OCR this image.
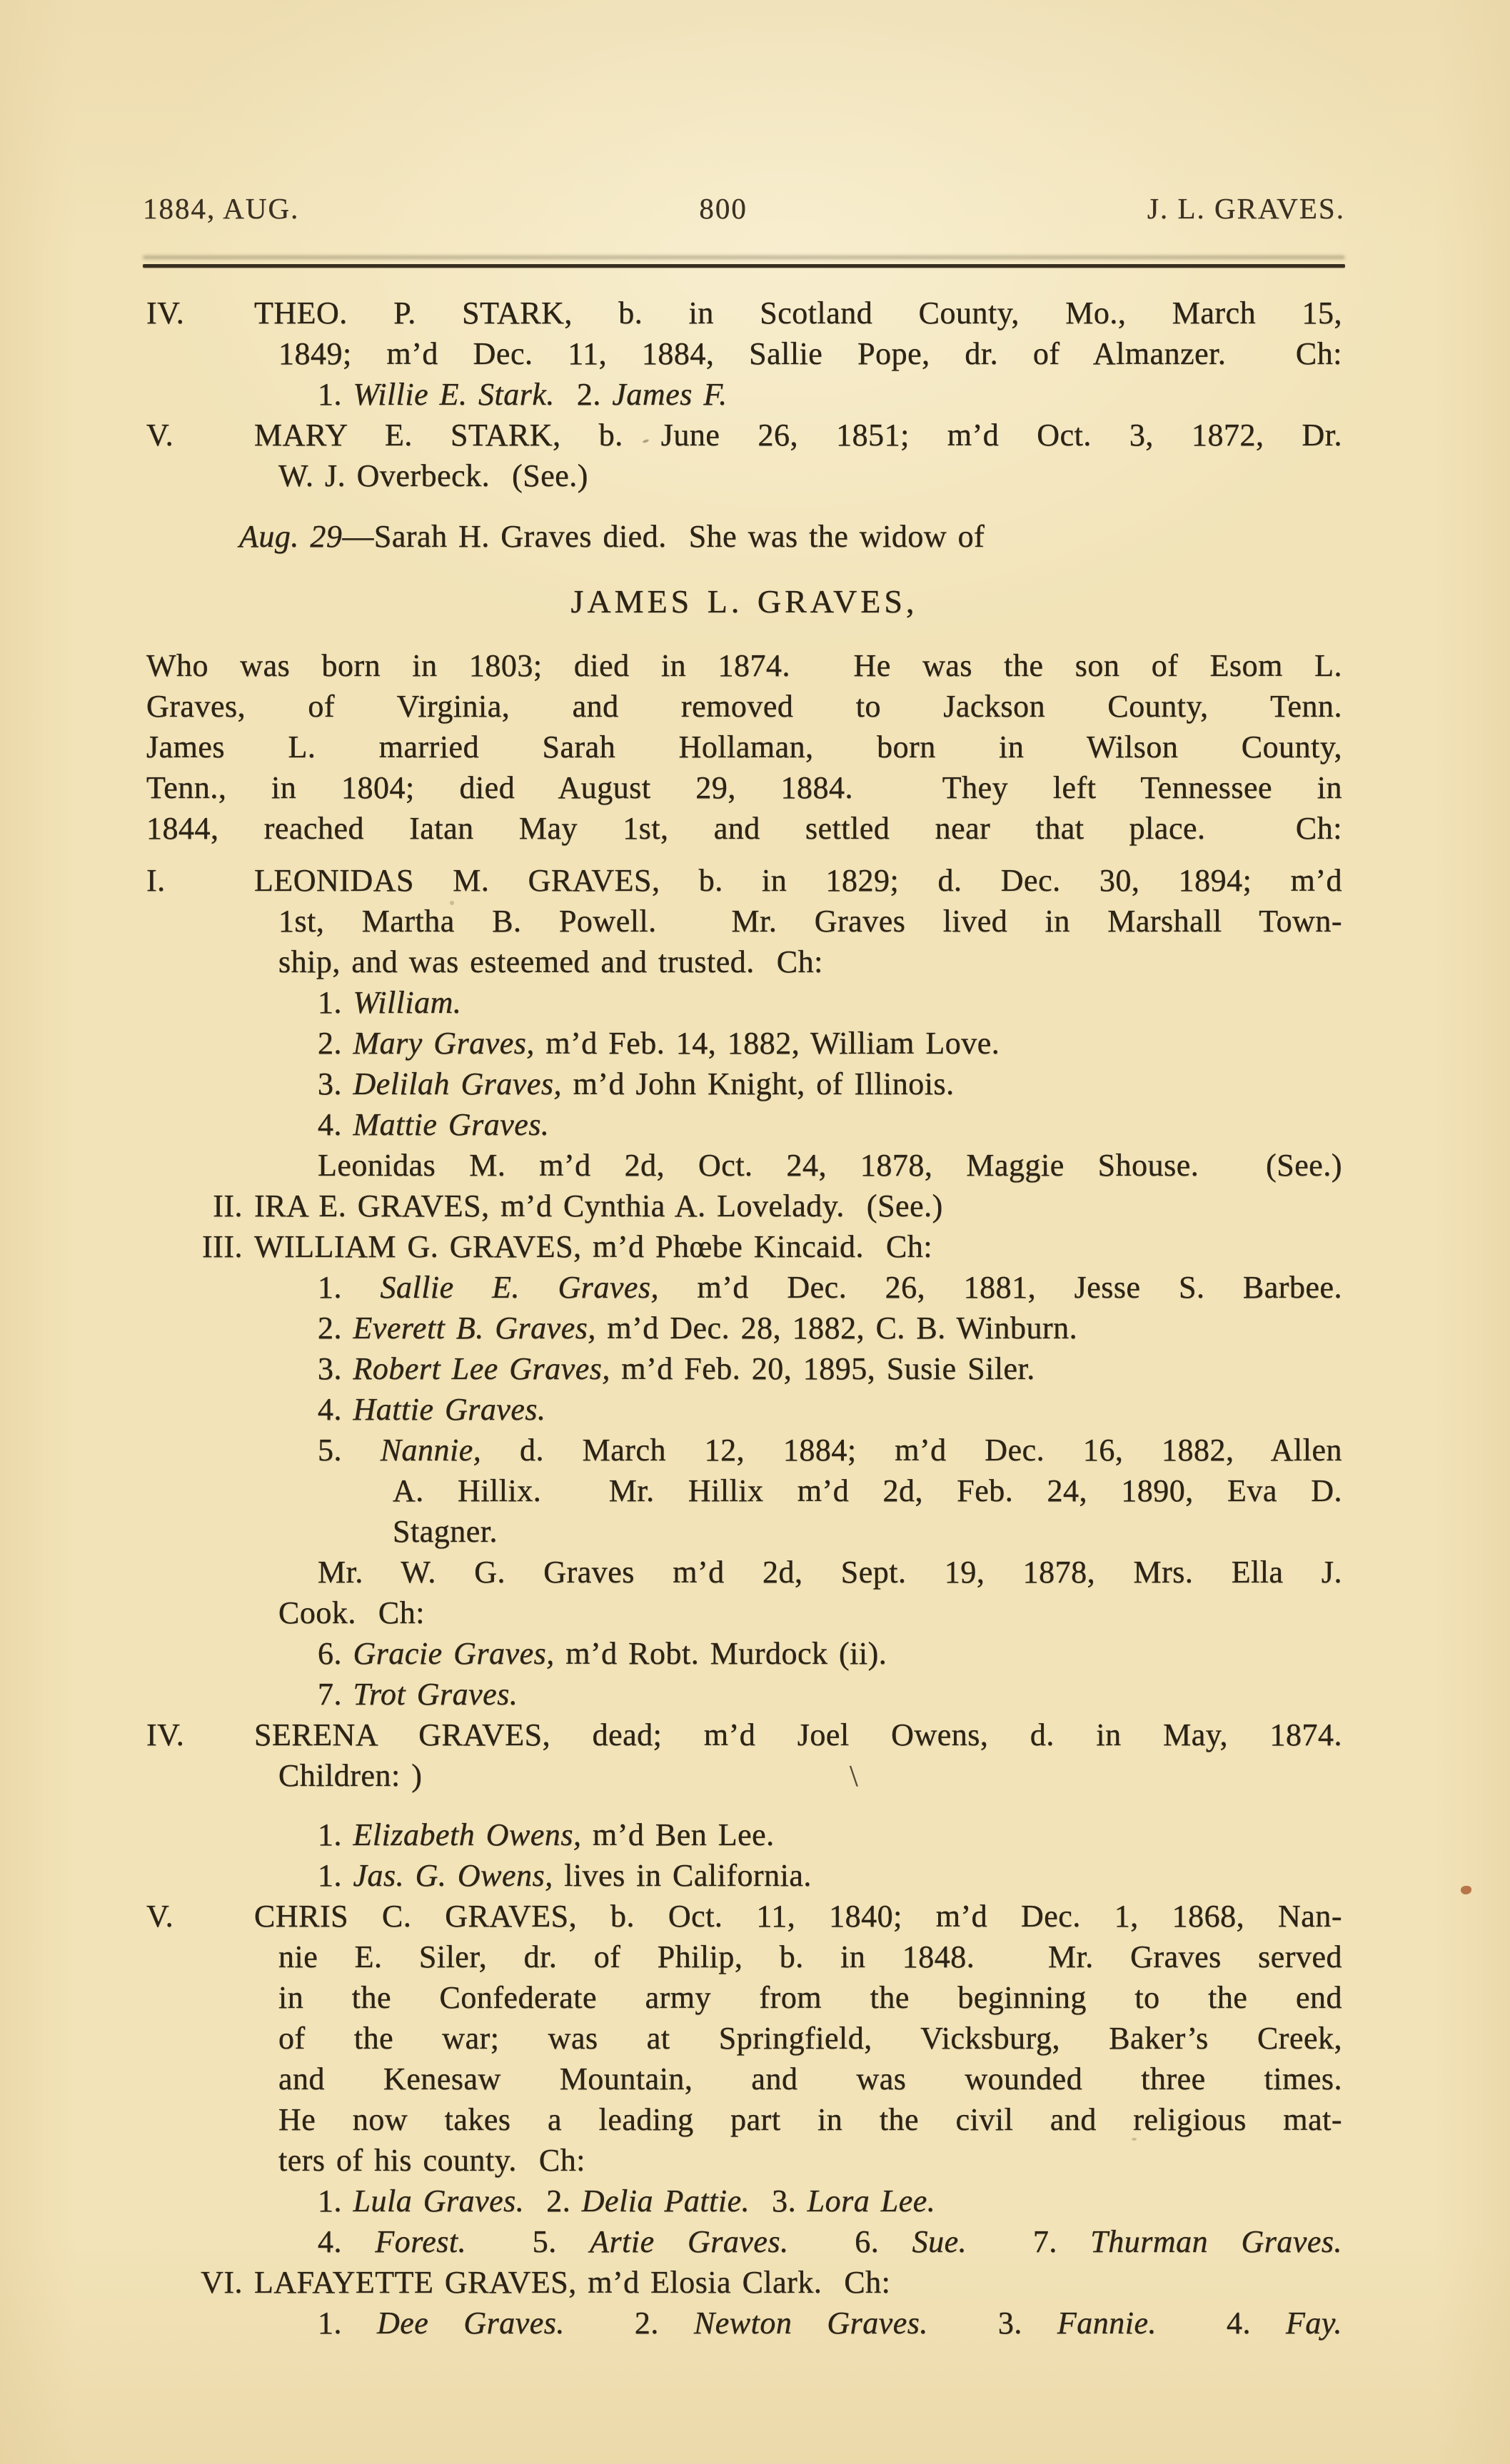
1884, AUG.	800	J. L. GRAVES.
IV. THEO. P. STARK, b. in Scotland County, Mo., March 15,
1849; m’d Dec. 11, 1884, Sallie Pope, dr. of Almanzer.  Ch:
1. Willie E. Stark.  2. James F.
V.	MARY E. STARK, b. June 26, 1851; m’d Oct. 3, 1872, Dr.
W. J. Overbeck.  (See.)
Aug. 29—Sarah H. Graves died.  She was the widow of
JAMES L. GRAVES,
Who was born in 1803; died in 1874.  He was the son of Esom L.
Graves, of Virginia, and removed to Jackson County, Tenn.
James L. married Sarah Hollaman, born in Wilson County,
Tenn., in 1804; died August 29, 1884.  They left Tennessee in
1844, reached Iatan May 1st, and settled near that place.  Ch:
I.	LEONIDAS M. GRAVES, b. in 1829; d. Dec. 30, 1894; m’d
1st, Martha B. Powell.  Mr. Graves lived in Marshall Town-
ship, and was esteemed and trusted.  Ch:
1. William.
2. Mary Graves, m’d Feb. 14, 1882, William Love.
3. Delilah Graves, m’d John Knight, of Illinois.
4. Mattie Graves.
Leonidas M. m’d 2d, Oct. 24, 1878, Maggie Shouse.  (See.)
II. IRA E. GRAVES, m’d Cynthia A. Lovelady.  (See.)
III. WILLIAM G. GRAVES, m’d Phœbe Kincaid.  Ch:
1. Sallie E. Graves, m’d Dec. 26, 1881, Jesse S. Barbee.
2. Everett B. Graves, m’d Dec. 28, 1882, C. B. Winburn.
3. Robert Lee Graves, m’d Feb. 20, 1895, Susie Siler.
4. Hattie Graves.
5. Nannie, d. March 12, 1884; m’d Dec. 16, 1882, Allen
A. Hillix.  Mr. Hillix m’d 2d, Feb. 24, 1890, Eva D.
Stagner.
Mr. W. G. Graves m’d 2d, Sept. 19, 1878, Mrs. Ella J.
Cook.  Ch:
6. Gracie Graves, m’d Robt. Murdock (ii).
7. Trot Graves.
IV. SERENA GRAVES, dead; m’d Joel Owens, d. in May, 1874.
\
Children: )
1. Elizabeth Owens, m’d Ben Lee.
1. Jas. G. Owens, lives in California.
V.	CHRIS C. GRAVES, b. Oct. 11, 1840; m’d Dec. 1, 1868, Nan-
nie E. Siler, dr. of Philip, b. in 1848.  Mr. Graves served
in the Confederate army from the beginning to the end
of the war; was at Springfield, Vicksburg, Baker’s Creek,
and Kenesaw Mountain, and was wounded three times.
He now takes a leading part in the civil and religious mat-
ters of his county.  Ch:
1. Lula Graves.  2. Delia Pattie.  3. Lora Lee.
4. Forest.  5. Artie Graves.  6. Sue.  7. Thurman Graves.
VI. LAFAYETTE GRAVES, m’d Elosia Clark.  Ch:
1. Dee Graves.  2. Newton Graves.  3. Fannie.  4. Fay.
